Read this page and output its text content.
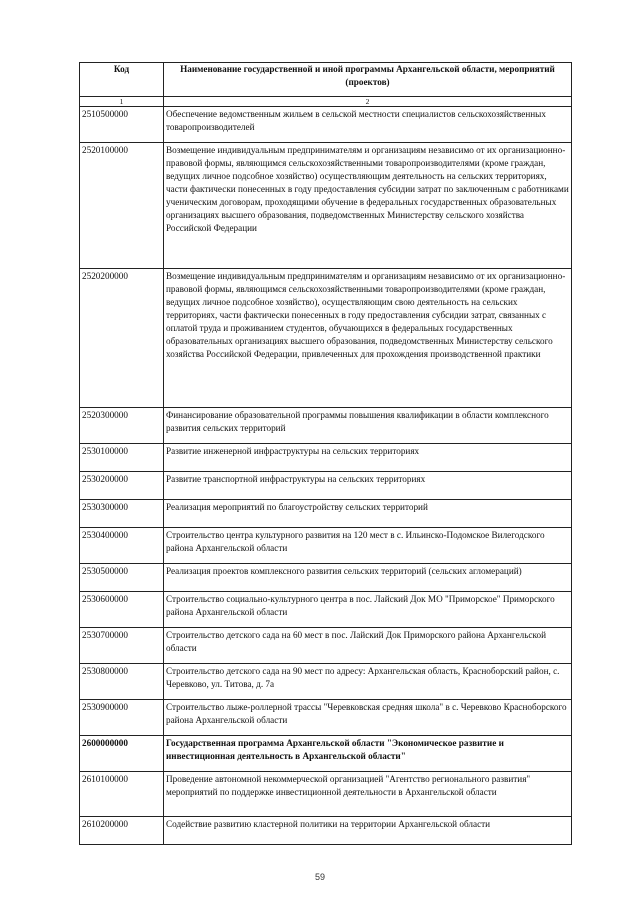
Код	Наименование государственной и иной программы Архангельской области, мероприятий (проектов)
1	2
2510500000	Обеспечение ведомственным жильем в сельской местности специалистов сельскохозяйственных товаропроизводителей
2520100000	Возмещение индивидуальным предпринимателям и организациям независимо от их организационно-правовой формы, являющимся сельскохозяйственными товаропроизводителями (кроме граждан, ведущих личное подсобное хозяйство) осуществляющим деятельность на сельских территориях, части фактически понесенных в году предоставления субсидии затрат по заключенным с работниками ученическим договорам, проходящими обучение в федеральных государственных образовательных организациях высшего образования, подведомственных Министерству сельского хозяйства Российской Федерации
2520200000	Возмещение индивидуальным предпринимателям и организациям независимо от их организационно-правовой формы, являющимся сельскохозяйственными товаропроизводителями (кроме граждан, ведущих личное подсобное хозяйство), осуществляющим свою деятельность на сельских территориях, части фактически понесенных в году предоставления субсидии затрат, связанных с оплатой труда и проживанием студентов, обучающихся в федеральных государственных образовательных организациях высшего образования, подведомственных Министерству сельского хозяйства Российской Федерации, привлеченных для прохождения производственной практики
2520300000	Финансирование образовательной программы повышения квалификации в области комплексного развития сельских территорий
2530100000	Развитие инженерной инфраструктуры на сельских территориях
2530200000	Развитие транспортной инфраструктуры на сельских территориях
2530300000	Реализация мероприятий по благоустройству сельских территорий
2530400000	Строительство центра культурного развития на 120 мест в с. Ильинско-Подомское Вилегодского района Архангельской области
2530500000	Реализация проектов комплексного развития сельских территорий (сельских агломераций)
2530600000	Строительство социально-культурного центра в пос. Лайский Док МО "Приморское" Приморского района Архангельской области
2530700000	Строительство детского сада на 60 мест в пос. Лайский Док Приморского района Архангельской области
2530800000	Строительство детского сада на 90 мест по адресу: Архангельская область, Красноборский район, с. Черевково, ул. Титова, д. 7а
2530900000	Строительство лыже-роллерной трассы "Черевковская средняя школа" в с. Черевково Красноборского района Архангельской области
2600000000	Государственная программа Архангельской области "Экономическое развитие и инвестиционная деятельность в Архангельской области"
2610100000	Проведение автономной некоммерческой организацией "Агентство регионального развития" мероприятий по поддержке инвестиционной деятельности в Архангельской области
2610200000	Содействие развитию кластерной политики на территории Архангельской области
59
